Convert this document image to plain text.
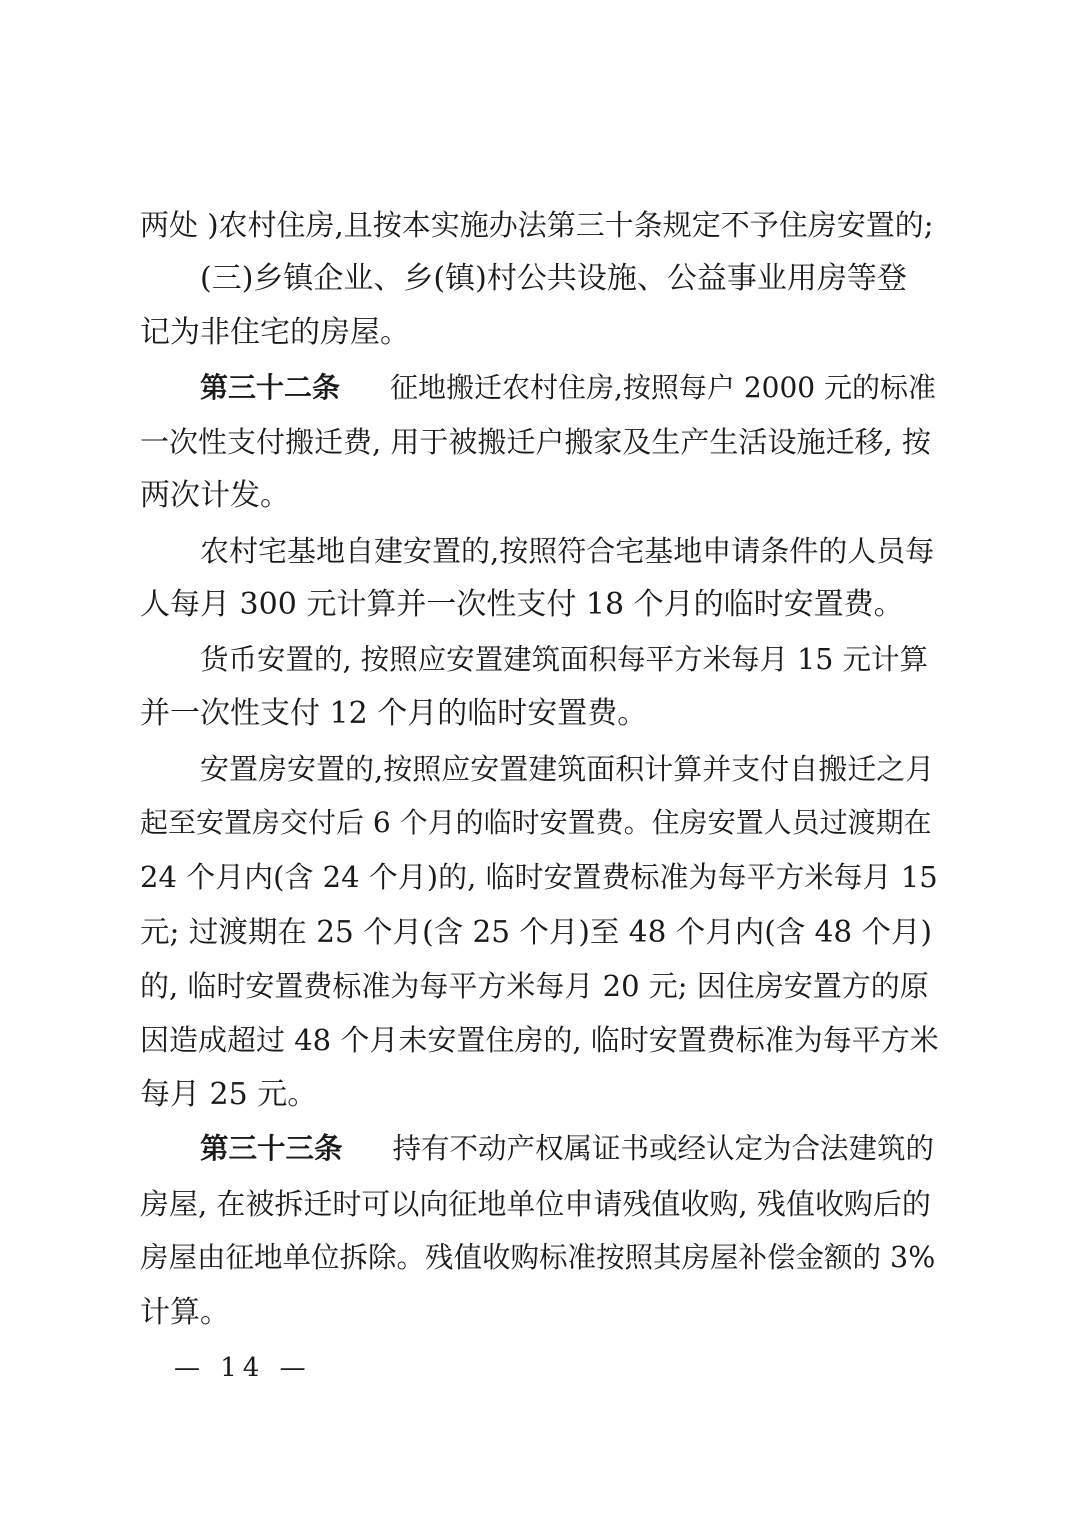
两处 )农村住房,且按本实施办法第三十条规定不予住房安置的;
(三)乡镇企业、乡(镇)村公共设施、公益事业用房等登
记为非住宅的房屋。
第三十二条 征地搬迁农村住房,按照每户 2000 元的标准
一次性支付搬迁费, 用于被搬迁户搬家及生产生活设施迁移, 按
两次计发。
农村宅基地自建安置的,按照符合宅基地申请条件的人员每
人每月 300 元计算并一次性支付 18 个月的临时安置费。
货币安置的, 按照应安置建筑面积每平方米每月 15 元计算
并一次性支付 12 个月的临时安置费。
安置房安置的,按照应安置建筑面积计算并支付自搬迁之月
起至安置房交付后 6 个月的临时安置费。住房安置人员过渡期在
24 个月内(含 24 个月)的, 临时安置费标准为每平方米每月 15
元; 过渡期在 25 个月(含 25 个月)至 48 个月内(含 48 个月)
的, 临时安置费标准为每平方米每月 20 元; 因住房安置方的原
因造成超过 48 个月未安置住房的, 临时安置费标准为每平方米
每月 25 元。
第三十三条 持有不动产权属证书或经认定为合法建筑的
房屋, 在被拆迁时可以向征地单位申请残值收购, 残值收购后的
房屋由征地单位拆除。残值收购标准按照其房屋补偿金额的 3%
计算。
— 14 —
